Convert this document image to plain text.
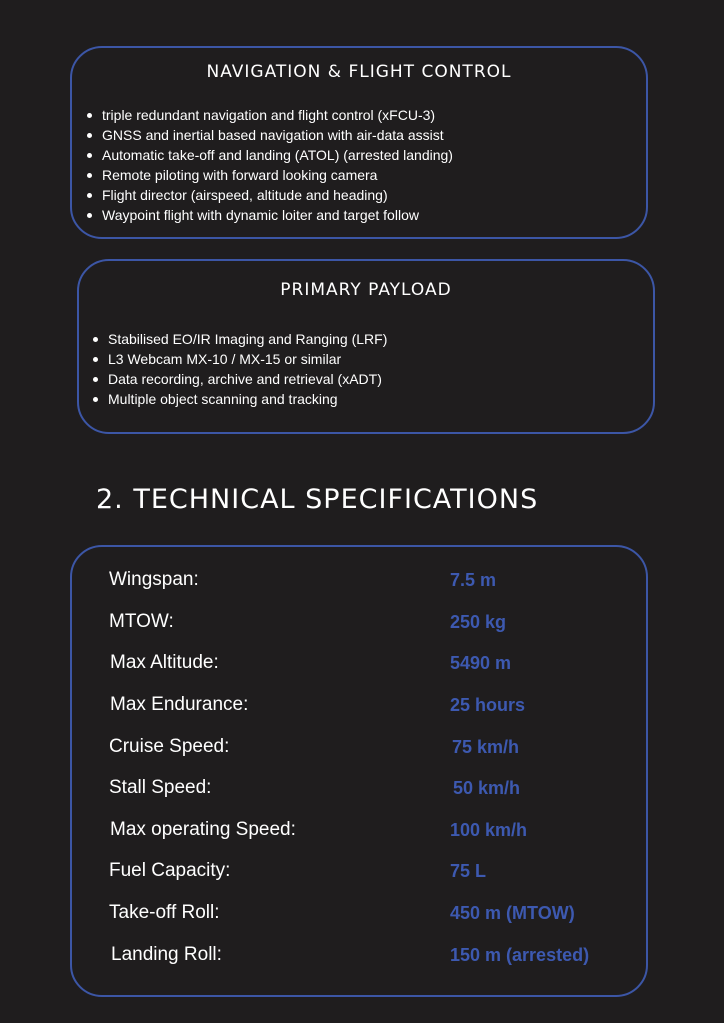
NAVIGATION & FLIGHT CONTROL
triple redundant navigation and flight control (xFCU-3)
GNSS and inertial based navigation with air-data assist
Automatic take-off and landing (ATOL) (arrested landing)
Remote piloting with forward looking camera
Flight director (airspeed, altitude and heading)
Waypoint flight with dynamic loiter and target follow
PRIMARY PAYLOAD
Stabilised EO/IR Imaging and Ranging (LRF)
L3 Webcam MX-10 / MX-15 or similar
Data recording, archive and retrieval (xADT)
Multiple object scanning and tracking
2. TECHNICAL SPECIFICATIONS
Wingspan:	7.5 m
MTOW:	250 kg
Max Altitude:	5490 m
Max Endurance:	25 hours
Cruise Speed:	75 km/h
Stall Speed:	50 km/h
Max operating Speed:	100 km/h
Fuel Capacity:	75 L
Take-off Roll:	450 m (MTOW)
Landing Roll:	150 m (arrested)
